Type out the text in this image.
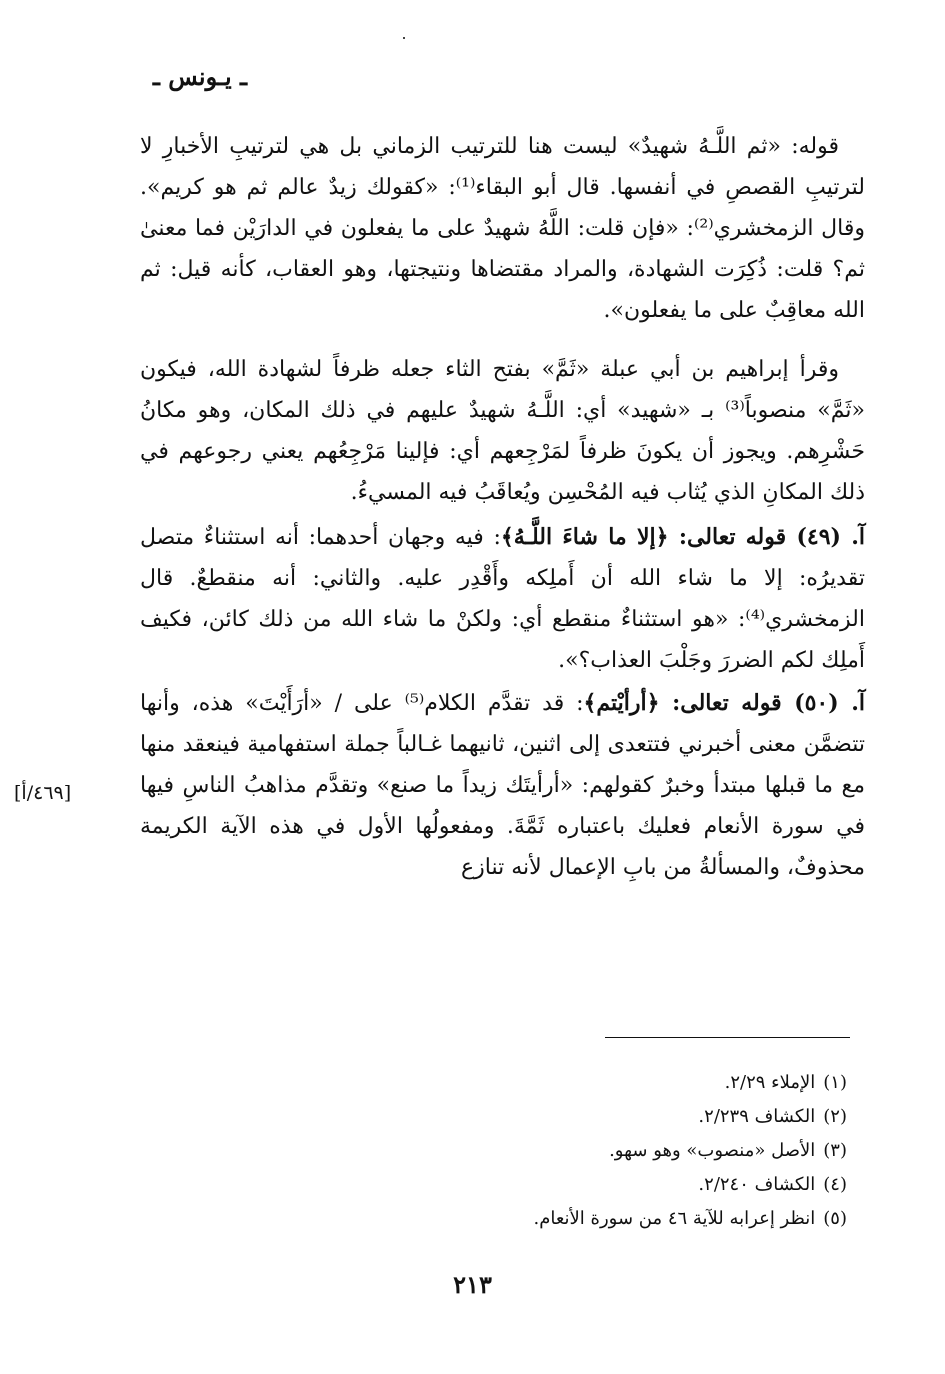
ـ يـونس ـ

قوله: «ثم اللَّـهُ شهيدٌ» ليست هنا للترتيب الزماني بل هي لترتيبِ الأخبارِ لا لترتيبِ القصصِ في أنفسها. قال أبو البقاء⁽¹⁾: «كقولك زيدٌ عالم ثم هو كريم». وقال الزمخشري⁽²⁾: «فإن قلت: اللَّهُ شهيدٌ على ما يفعلون في الدارَيْن فما معنىٰ ثم؟ قلت: ذُكِرَت الشهادة، والمراد مقتضاها ونتيجتها، وهو العقاب، كأنه قيل: ثم الله معاقِبٌ على ما يفعلون».

وقرأ إبراهيم بن أبي عبلة «ثَمَّ» بفتح الثاء جعله ظرفاً لشهادة الله، فيكون «ثَمَّ» منصوباً⁽³⁾ بـ «شهيد» أي: اللَّـهُ شهيدٌ عليهم في ذلك المكان، وهو مكانُ حَشْرِهم. ويجوز أن يكونَ ظرفاً لمَرْجِعهم أي: فإلينا مَرْجِعُهم يعني رجوعهم في ذلك المكانِ الذي يُثاب فيه المُحْسِن ويُعاقَبُ فيه المسيءُ.

آ. (٤٩) قوله تعالى: ﴿إلا ما شاءَ اللَّـهُ﴾: فيه وجهان أحدهما: أنه استثناءٌ متصل تقديرُه: إلا ما شاء الله أن أَملِكه وأَقْدِر عليه. والثاني: أنه منقطعٌ. قال الزمخشري⁽⁴⁾: «هو استثناءٌ منقطع أي: ولكنْ ما شاء الله من ذلك كائن، فكيف أَملِك لكم الضررَ وجَلْبَ العذاب؟».

آ. (٥٠) قوله تعالى: ﴿أرأيْتم﴾: قد تقدَّم الكلام⁽⁵⁾ على / «أرَأَيْتَ» هذه، وأنها تتضمَّن معنى أخبرني فتتعدى إلى اثنين، ثانيهما غـالباً جملة استفهامية فينعقد منها مع ما قبلها مبتدأ وخبرٌ كقولهم: «أرأيتَك زيداً ما صنع» وتقدَّم مذاهبُ الناسِ فيها في سورة الأنعام فعليك باعتباره ثَمَّةَ. ومفعولُها الأول في هذه الآية الكريمة محذوفٌ، والمسألةُ من بابِ الإعمال لأنه تنازع

[٤٦٩/أ]
(١)الإملاء ٢/٢٩.
(٢)الكشاف ٢/٢٣٩.
(٣)الأصل «منصوب» وهو سهو.
(٤)الكشاف ٢/٢٤٠.
(٥)انظر إعرابه للآية ٤٦ من سورة الأنعام.
٢١٣
